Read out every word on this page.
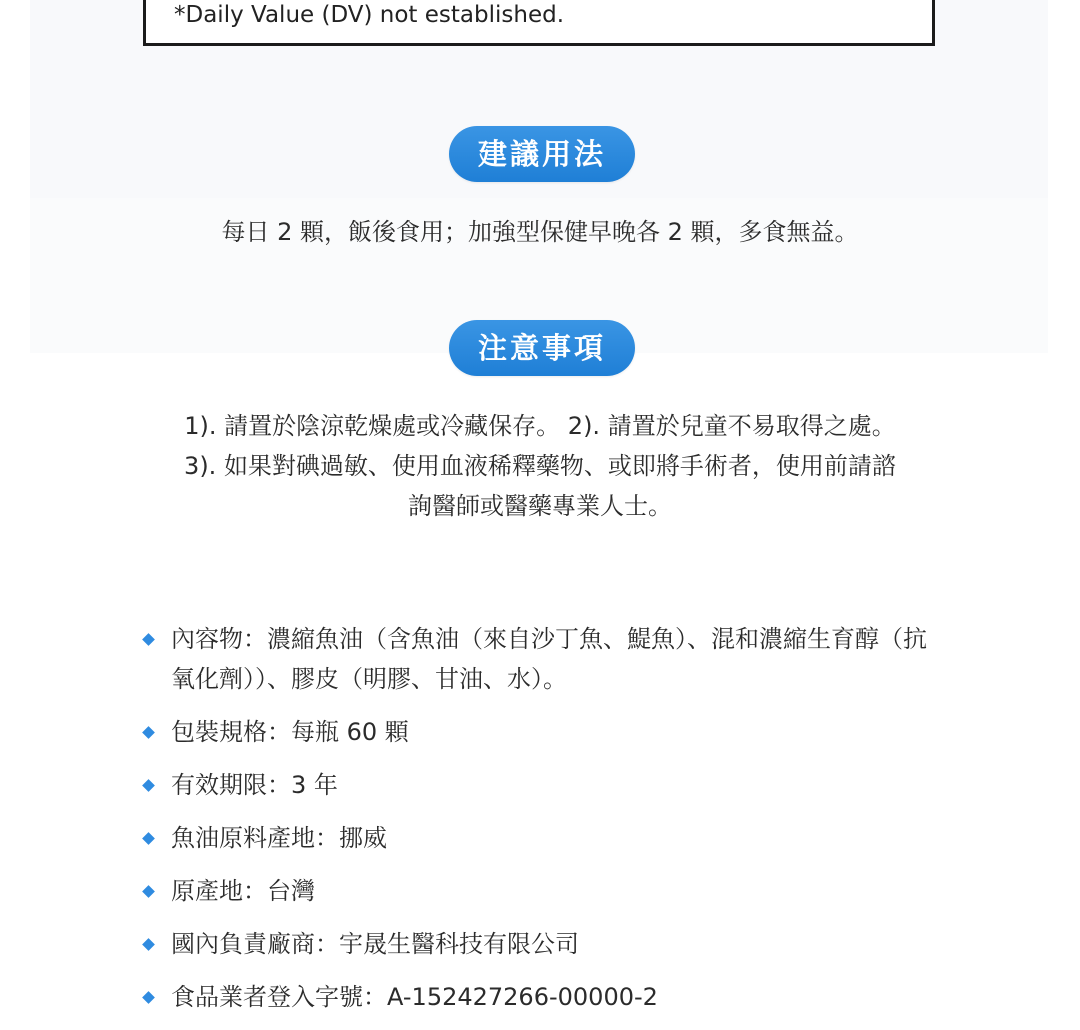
*Daily Value (DV) not established.
建議用法
每日 2 顆，飯後食用；加強型保健早晚各 2 顆，多食無益。
注意事項
1). 請置於陰涼乾燥處或冷藏保存。 2). 請置於兒童不易取得之處。
3). 如果對碘過敏、使用血液稀釋藥物、或即將手術者，使用前請諮
詢醫師或醫藥專業人士。
內容物：濃縮魚油（含魚油（來自沙丁魚、鯷魚）、混和濃縮生育醇（抗氧化劑））、膠皮（明膠、甘油、水）。
包裝規格：每瓶 60 顆
有效期限：3 年
魚油原料產地：挪威
原產地：台灣
國內負責廠商：宇晟生醫科技有限公司
食品業者登入字號：A-152427266-00000-2
